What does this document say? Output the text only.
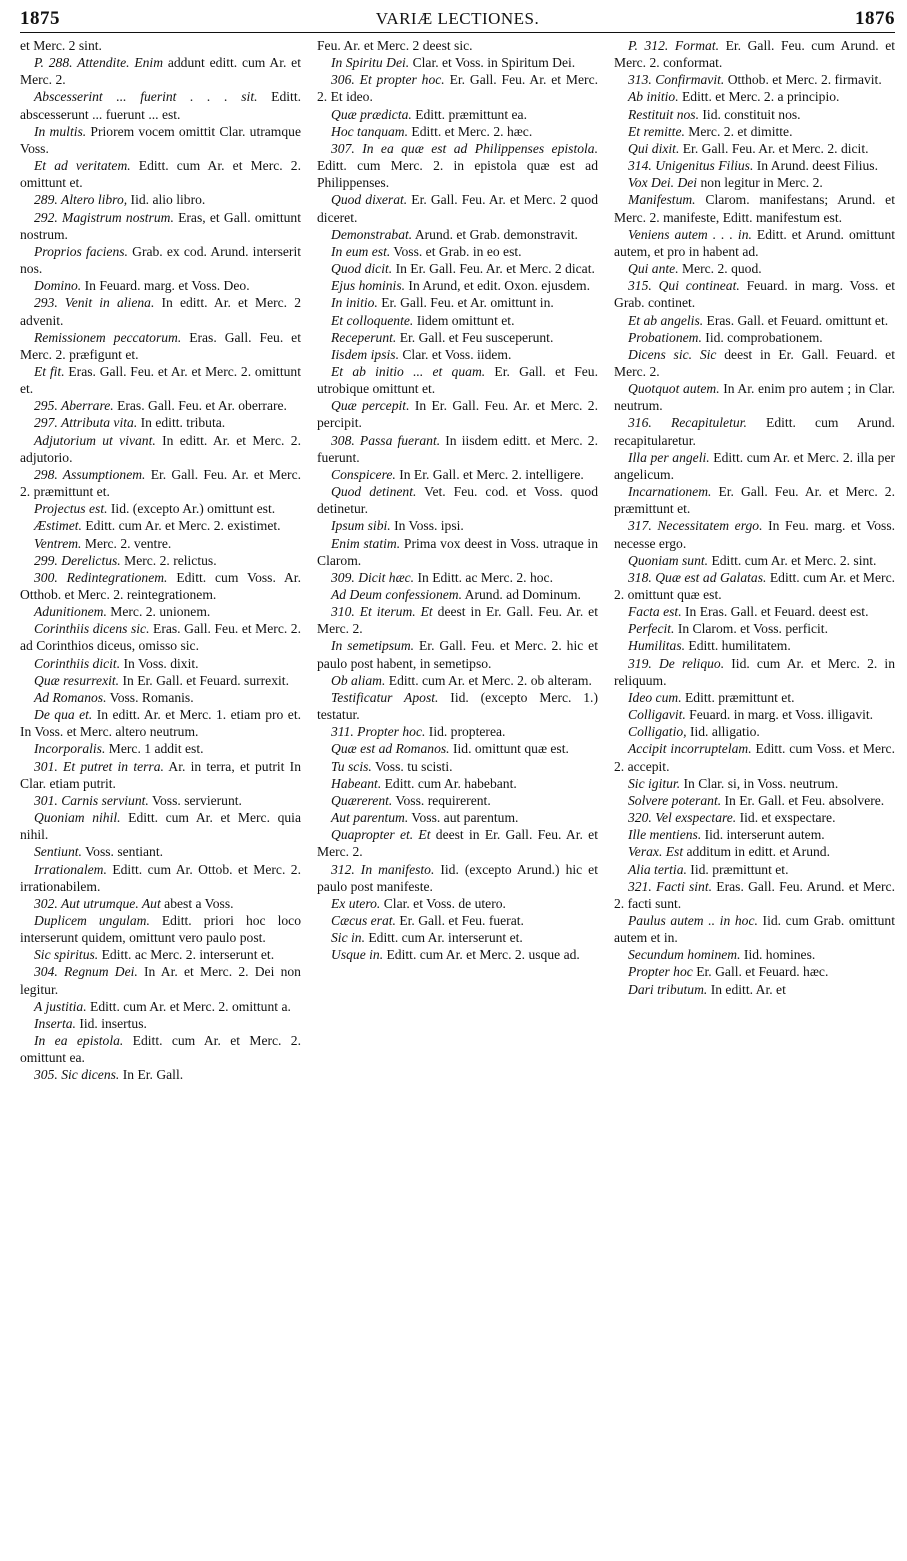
1875	VARIÆ LECTIONES.	1876

et Merc. 2 sint.

P. 288. Attendite. Enim addunt editt. cum Ar. et Merc. 2.

Abscesserint ... fuerint . . . sit. Editt. abscesserunt ... fuerunt ... est.

In multis. Priorem vocem omittit Clar. utramque Voss.

Et ad veritatem. Editt. cum Ar. et Merc. 2. omittunt et.

289. Altero libro, Iid. alio libro.

292. Magistrum nostrum. Eras, et Gall. omittunt nostrum.

Proprios faciens. Grab. ex cod. Arund. interserit nos.

Domino. In Feuard. marg. et Voss. Deo.

293. Venit in aliena. In editt. Ar. et Merc. 2 advenit.

Remissionem peccatorum. Eras. Gall. Feu. et Merc. 2. præfigunt et.

Et fit. Eras. Gall. Feu. et Ar. et Merc. 2. omittunt et.

295. Aberrare. Eras. Gall. Feu. et Ar. oberrare.

297. Attributa vita. In editt. tributa.

Adjutorium ut vivant. In editt. Ar. et Merc. 2. adjutorio.

298. Assumptionem. Er. Gall. Feu. Ar. et Merc. 2. præmittunt et.

Projectus est. Iid. (excepto Ar.) omittunt est.

Æstimet. Editt. cum Ar. et Merc. 2. existimet.

Ventrem. Merc. 2. ventre.

299. Derelictus. Merc. 2. relictus.

300. Redintegrationem. Editt. cum Voss. Ar. Otthob. et Merc. 2. reintegrationem.

Adunitionem. Merc. 2. unionem.

Corinthiis dicens sic. Eras. Gall. Feu. et Merc. 2. ad Corinthios diceus, omisso sic.

Corinthiis dicit. In Voss. dixit.

Quæ resurrexit. In Er. Gall. et Feuard. surrexit.

Ad Romanos. Voss. Romanis.

De qua et. In editt. Ar. et Merc. 1. etiam pro et. In Voss. et Merc. altero neutrum.

Incorporalis. Merc. 1 addit est.

301. Et putret in terra. Ar. in terra, et putrit In Clar. etiam putrit.

301. Carnis serviunt. Voss. servierunt.

Quoniam nihil. Editt. cum Ar. et Merc. quia nihil.

Sentiunt. Voss. sentiant.

Irrationalem. Editt. cum Ar. Ottob. et Merc. 2. irrationabilem.

302. Aut utrumque. Aut abest a Voss.

Duplicem ungulam. Editt. priori hoc loco interserunt quidem, omittunt vero paulo post.

Sic spiritus. Editt. ac Merc. 2. interserunt et.

304. Regnum Dei. In Ar. et Merc. 2. Dei non legitur.

A justitia. Editt. cum Ar. et Merc. 2. omittunt a.

Inserta. Iid. insertus.

In ea epistola. Editt. cum Ar. et Merc. 2. omittunt ea.

305. Sic dicens. In Er. Gall.

Feu. Ar. et Merc. 2 deest sic.

In Spiritu Dei. Clar. et Voss. in Spiritum Dei.

306. Et propter hoc. Er. Gall. Feu. Ar. et Merc. 2. Et ideo.

Quæ prædicta. Editt. præmittunt ea.

Hoc tanquam. Editt. et Merc. 2. hæc.

307. In ea quæ est ad Philippenses epistola. Editt. cum Merc. 2. in epistola quæ est ad Philippenses.

Quod dixerat. Er. Gall. Feu. Ar. et Merc. 2 quod diceret.

Demonstrabat. Arund. et Grab. demonstravit.

In eum est. Voss. et Grab. in eo est.

Quod dicit. In Er. Gall. Feu. Ar. et Merc. 2 dicat.

Ejus hominis. In Arund, et edit. Oxon. ejusdem.

In initio. Er. Gall. Feu. et Ar. omittunt in.

Et colloquente. Iidem omittunt et.

Receperunt. Er. Gall. et Feu susceperunt.

Iisdem ipsis. Clar. et Voss. iidem.

Et ab initio ... et quam. Er. Gall. et Feu. utrobique omittunt et.

Quæ percepit. In Er. Gall. Feu. Ar. et Merc. 2. percipit.

308. Passa fuerant. In iisdem editt. et Merc. 2. fuerunt.

Conspicere. In Er. Gall. et Merc. 2. intelligere.

Quod detinent. Vet. Feu. cod. et Voss. quod detinetur.

Ipsum sibi. In Voss. ipsi.

Enim statim. Prima vox deest in Voss. utraque in Clarom.

309. Dicit hæc. In Editt. ac Merc. 2. hoc.

Ad Deum confessionem. Arund. ad Dominum.

310. Et iterum. Et deest in Er. Gall. Feu. Ar. et Merc. 2.

In semetipsum. Er. Gall. Feu. et Merc. 2. hic et paulo post habent, in semetipso.

Ob aliam. Editt. cum Ar. et Merc. 2. ob alteram.

Testificatur Apost. Iid. (excepto Merc. 1.) testatur.

311. Propter hoc. Iid. propterea.

Quæ est ad Romanos. Iid. omittunt quæ est.

Tu scis. Voss. tu scisti.

Habeant. Editt. cum Ar. habebant.

Quærerent. Voss. requirerent.

Aut parentum. Voss. aut parentum.

Quapropter et. Et deest in Er. Gall. Feu. Ar. et Merc. 2.

312. In manifesto. Iid. (excepto Arund.) hic et paulo post manifeste.

Ex utero. Clar. et Voss. de utero.

Cæcus erat. Er. Gall. et Feu. fuerat.

Sic in. Editt. cum Ar. interserunt et.

Usque in. Editt. cum Ar. et Merc. 2. usque ad.

P. 312. Format. Er. Gall. Feu. cum Arund. et Merc. 2. conformat.

313. Confirmavit. Otthob. et Merc. 2. firmavit.

Ab initio. Editt. et Merc. 2. a principio.

Restituit nos. Iid. constituit nos.

Et remitte. Merc. 2. et dimitte.

Qui dixit. Er. Gall. Feu. Ar. et Merc. 2. dicit.

314. Unigenitus Filius. In Arund. deest Filius.

Vox Dei. Dei non legitur in Merc. 2.

Manifestum. Clarom. manifestans; Arund. et Merc. 2. manifeste, Editt. manifestum est.

Veniens autem . . . in. Editt. et Arund. omittunt autem, et pro in habent ad.

Qui ante. Merc. 2. quod.

315. Qui contineat. Feuard. in marg. Voss. et Grab. continet.

Et ab angelis. Eras. Gall. et Feuard. omittunt et.

Probationem. Iid. comprobationem.

Dicens sic. Sic deest in Er. Gall. Feuard. et Merc. 2.

Quotquot autem. In Ar. enim pro autem ; in Clar. neutrum.

316. Recapituletur. Editt. cum Arund. recapitularetur.

Illa per angeli. Editt. cum Ar. et Merc. 2. illa per angelicum.

Incarnationem. Er. Gall. Feu. Ar. et Merc. 2. præmittunt et.

317. Necessitatem ergo. In Feu. marg. et Voss. necesse ergo.

Quoniam sunt. Editt. cum Ar. et Merc. 2. sint.

318. Quæ est ad Galatas. Editt. cum Ar. et Merc. 2. omittunt quæ est.

Facta est. In Eras. Gall. et Feuard. deest est.

Perfecit. In Clarom. et Voss. perficit.

Humilitas. Editt. humilitatem.

319. De reliquo. Iid. cum Ar. et Merc. 2. in reliquum.

Ideo cum. Editt. præmittunt et.

Colligavit. Feuard. in marg. et Voss. illigavit.

Colligatio, Iid. alligatio.

Accipit incorruptelam. Editt. cum Voss. et Merc. 2. accepit.

Sic igitur. In Clar. si, in Voss. neutrum.

Solvere poterant. In Er. Gall. et Feu. absolvere.

320. Vel exspectare. Iid. et exspectare.

Ille mentiens. Iid. interserunt autem.

Verax. Est additum in editt. et Arund.

Alia tertia. Iid. præmittunt et.

321. Facti sint. Eras. Gall. Feu. Arund. et Merc. 2. facti sunt.

Paulus autem .. in hoc. Iid. cum Grab. omittunt autem et in.

Secundum hominem. Iid. homines.

Propter hoc Er. Gall. et Feuard. hæc.

Dari tributum. In editt. Ar. et
